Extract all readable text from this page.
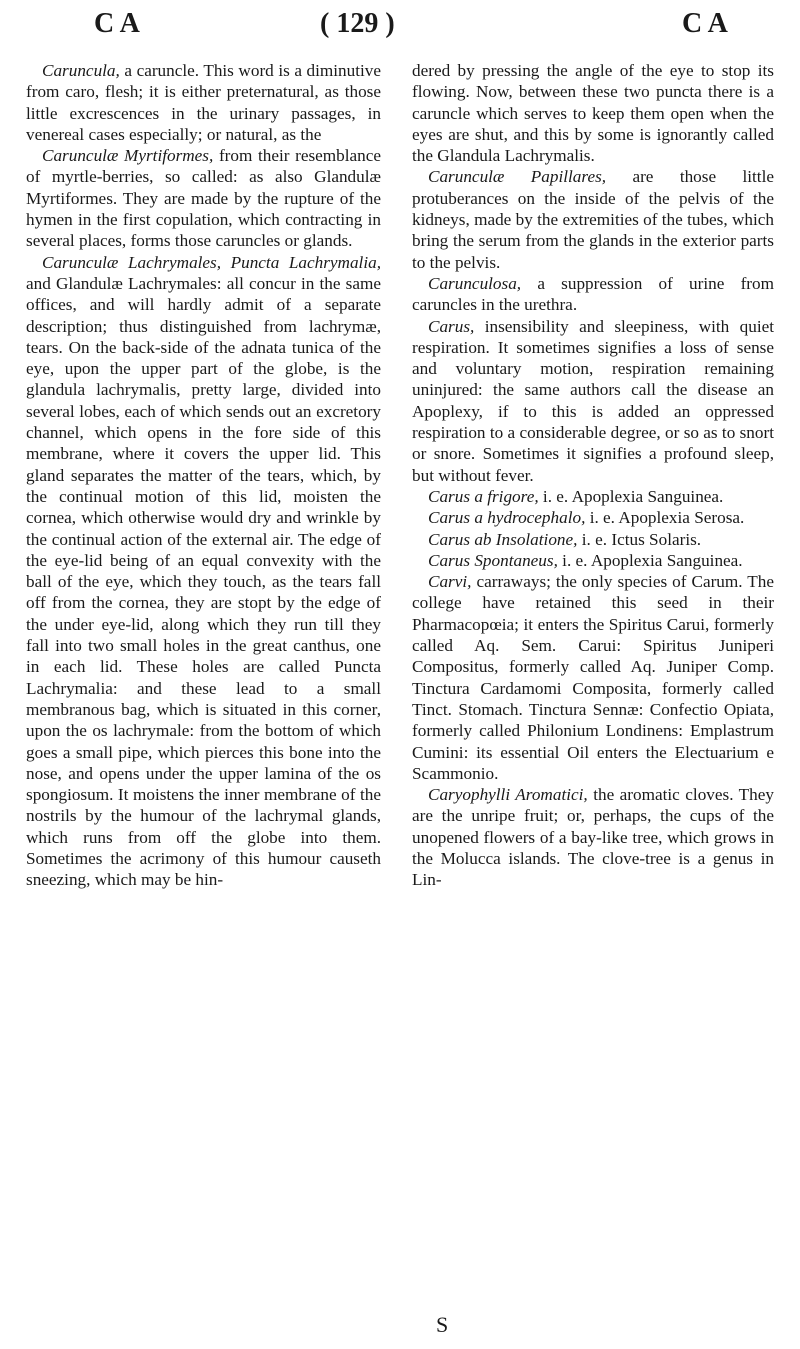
C A	( 129 )	C A

Caruncula, a caruncle. This word is a diminutive from caro, flesh; it is either preternatural, as those little excrescences in the urinary passages, in venereal cases especially; or natural, as the

Carunculæ Myrtiformes, from their resemblance of myrtle-berries, so called: as also Glandulæ Myrtiformes. They are made by the rupture of the hymen in the first copulation, which contracting in several places, forms those caruncles or glands.

Carunculæ Lachrymales, Puncta Lachrymalia, and Glandulæ Lachrymales: all concur in the same offices, and will hardly admit of a separate description; thus distinguished from lachrymæ, tears. On the back-side of the adnata tunica of the eye, upon the upper part of the globe, is the glandula lachrymalis, pretty large, divided into several lobes, each of which sends out an excretory channel, which opens in the fore side of this membrane, where it covers the upper lid. This gland separates the matter of the tears, which, by the continual motion of this lid, moisten the cornea, which otherwise would dry and wrinkle by the continual action of the external air. The edge of the eye-lid being of an equal convexity with the ball of the eye, which they touch, as the tears fall off from the cornea, they are stopt by the edge of the under eye-lid, along which they run till they fall into two small holes in the great canthus, one in each lid. These holes are called Puncta Lachrymalia: and these lead to a small membranous bag, which is situated in this corner, upon the os lachrymale: from the bottom of which goes a small pipe, which pierces this bone into the nose, and opens under the upper lamina of the os spongiosum. It moistens the inner membrane of the nostrils by the humour of the lachrymal glands, which runs from off the globe into them. Sometimes the acrimony of this humour causeth sneezing, which may be hin-

dered by pressing the angle of the eye to stop its flowing. Now, between these two puncta there is a caruncle which serves to keep them open when the eyes are shut, and this by some is ignorantly called the Glandula Lachrymalis.

Carunculæ Papillares, are those little protuberances on the inside of the pelvis of the kidneys, made by the extremities of the tubes, which bring the serum from the glands in the exterior parts to the pelvis.

Carunculosa, a suppression of urine from caruncles in the urethra.

Carus, insensibility and sleepiness, with quiet respiration. It sometimes signifies a loss of sense and voluntary motion, respiration remaining uninjured: the same authors call the disease an Apoplexy, if to this is added an oppressed respiration to a considerable degree, or so as to snort or snore. Sometimes it signifies a profound sleep, but without fever.

Carus a frigore, i. e. Apoplexia Sanguinea.

Carus a hydrocephalo, i. e. Apoplexia Serosa.

Carus ab Insolatione, i. e. Ictus Solaris.

Carus Spontaneus, i. e. Apoplexia Sanguinea.

Carvi, carraways; the only species of Carum. The college have retained this seed in their Pharmacopœia; it enters the Spiritus Carui, formerly called Aq. Sem. Carui: Spiritus Juniperi Compositus, formerly called Aq. Juniper Comp. Tinctura Cardamomi Composita, formerly called Tinct. Stomach. Tinctura Sennæ: Confectio Opiata, formerly called Philonium Londinens: Emplastrum Cumini: its essential Oil enters the Electuarium e Scammonio.

Caryophylli Aromatici, the aromatic cloves. They are the unripe fruit; or, perhaps, the cups of the unopened flowers of a bay-like tree, which grows in the Molucca islands. The clove-tree is a genus in Lin-

S
